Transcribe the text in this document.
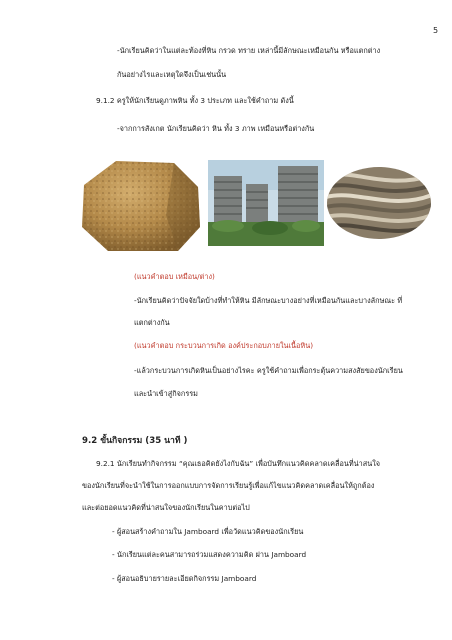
5
-นักเรียนคิดว่าในแต่ละท้องที่หิน กรวด ทราย เหล่านี้มีลักษณะเหมือนกัน หรือแตกต่าง
กันอย่างไรและเหตุใดจึงเป็นเช่นนั้น
9.1.2 ครูให้นักเรียนดูภาพหิน ทั้ง 3 ประเภท และใช้คำถาม ดังนี้
-จากการสังเกต นักเรียนคิดว่า หิน ทั้ง 3 ภาพ เหมือนหรือต่างกัน
(แนวคำตอบ เหมือน/ต่าง)
-นักเรียนคิดว่าปัจจัยใดบ้างที่ทำให้หิน มีลักษณะบางอย่างที่เหมือนกันและบางลักษณะ ที่
แตกต่างกัน
(แนวคำตอบ กระบวนการเกิด องค์ประกอบภายในเนื้อหิน)
-แล้วกระบวนการเกิดหินเป็นอย่างไรคะ ครูใช้คำถามเพื่อกระตุ้นความสงสัยของนักเรียน
และนำเข้าสู่กิจกรรม
9.2 ขั้นกิจกรรม (35 นาที )
9.2.1 นักเรียนทำกิจกรรม “คุณเธอคิดยังไงกับฉัน” เพื่อบันทึกแนวคิดคลาดเคลื่อนที่น่าสนใจ
ของนักเรียนที่จะนำใช้ในการออกแบบการจัดการเรียนรู้เพื่อแก้ไขแนวคิดคลาดเคลื่อนให้ถูกต้อง
และต่อยอดแนวคิดที่น่าสนใจของนักเรียนในคาบต่อไป
- ผู้สอนสร้างคำถามใน Jamboard เพื่อวัดแนวคิดของนักเรียน
- นักเรียนแต่ละคนสามารถร่วมแสดงความคิด ผ่าน Jamboard
- ผู้สอนอธิบายรายละเอียดกิจกรรม Jamboard
